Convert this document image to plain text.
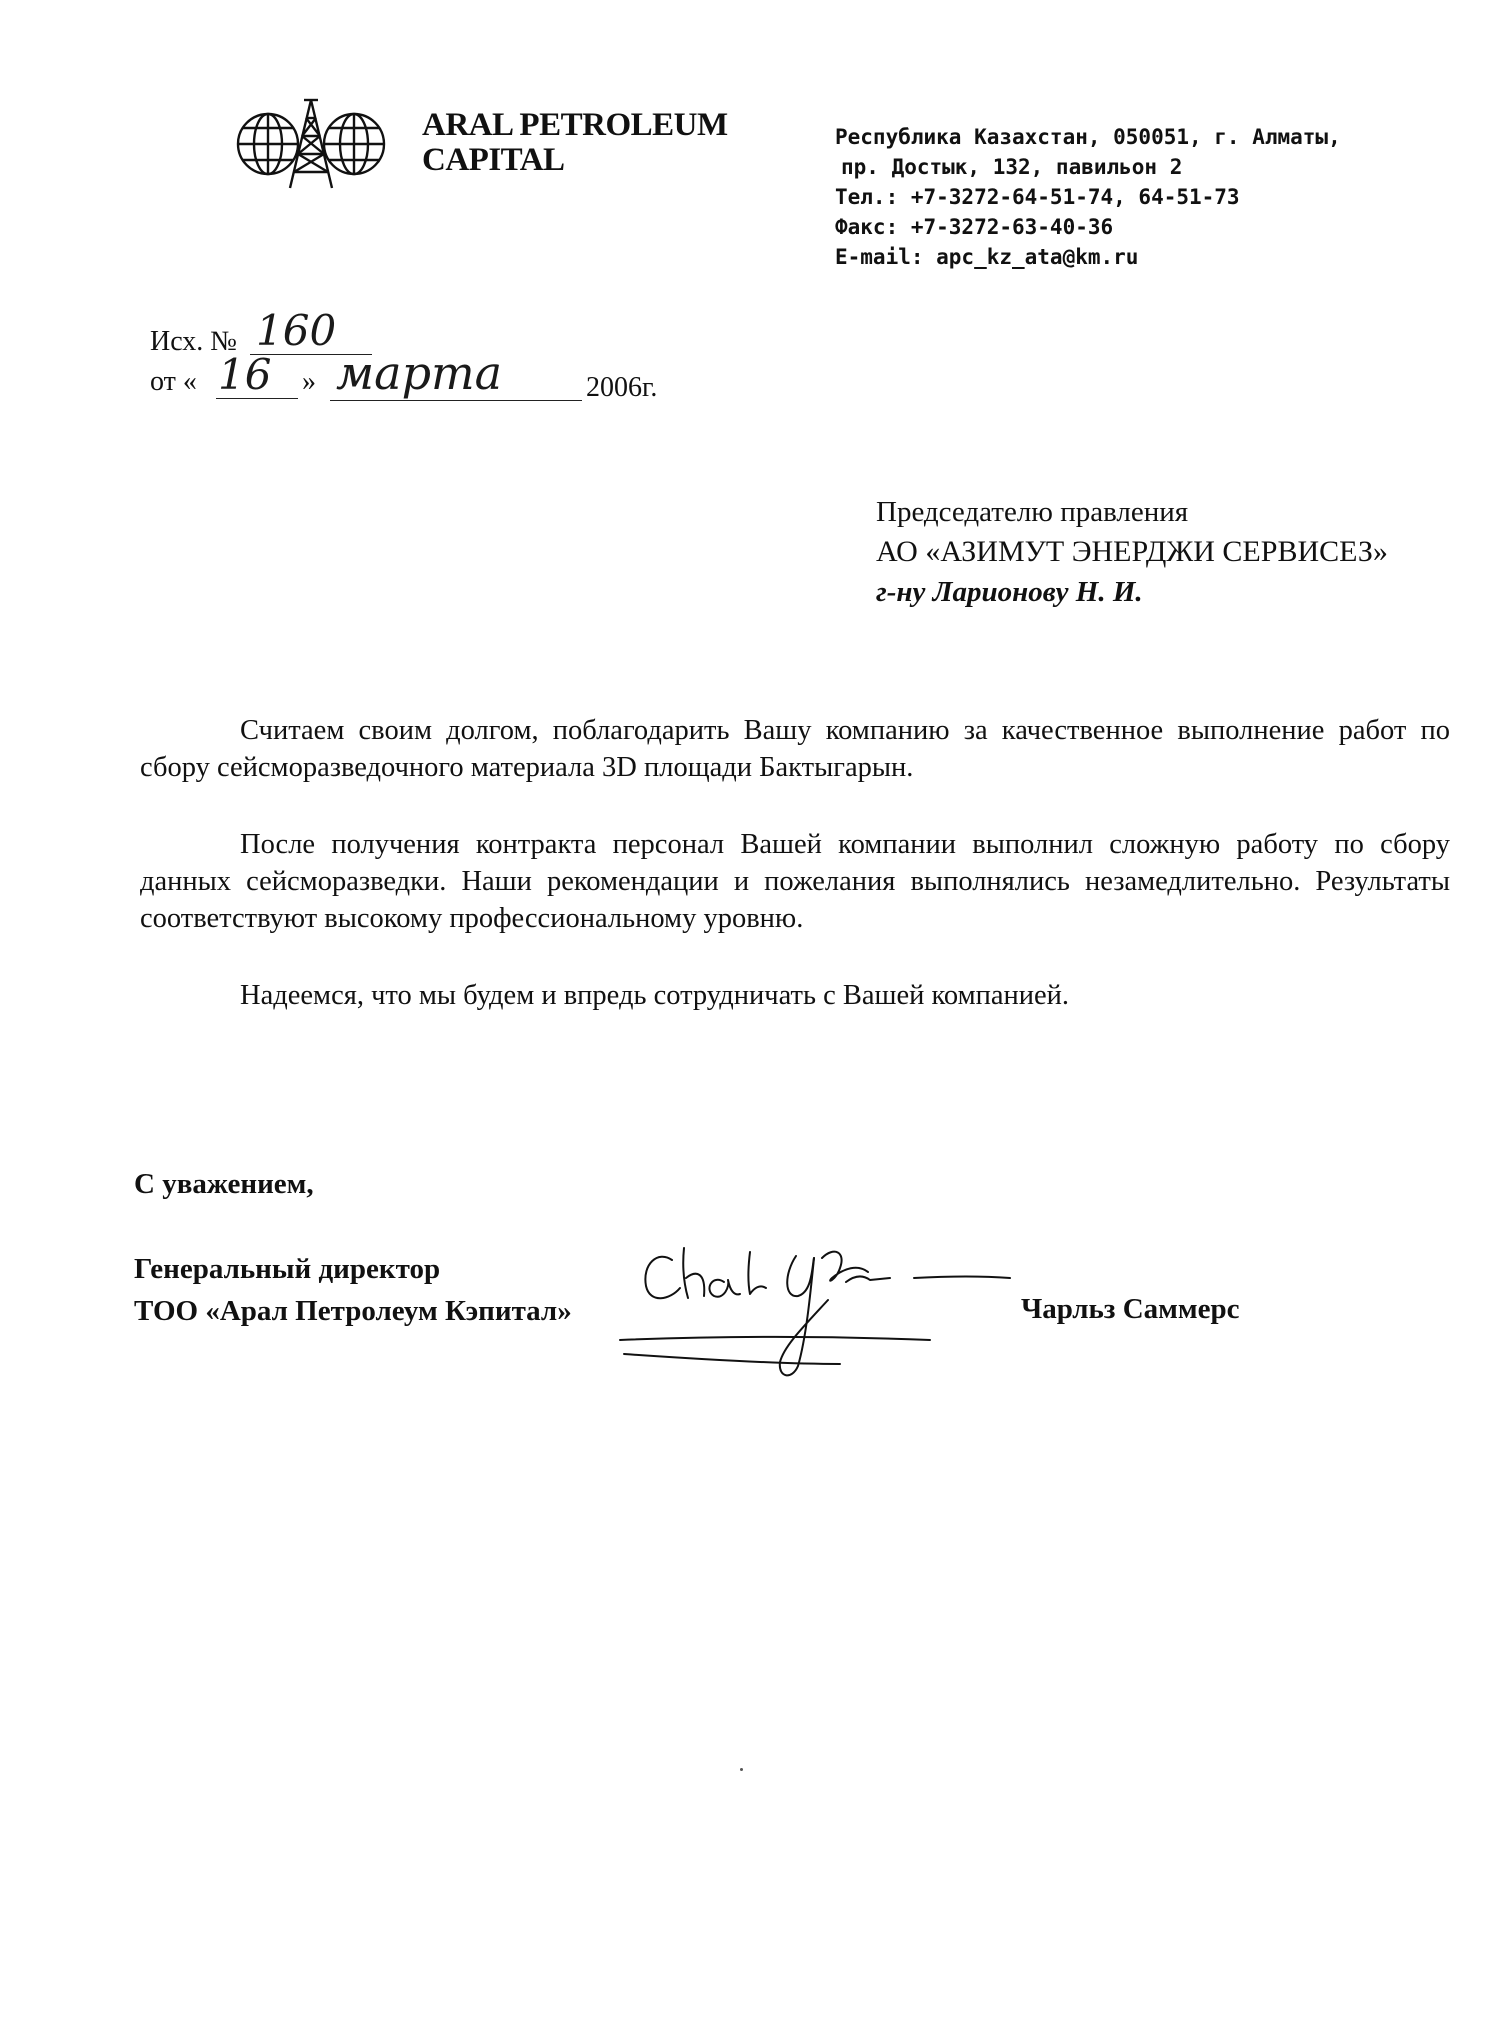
ARAL PETROLEUM
CAPITAL
Республика Казахстан, 050051, г. Алматы,
пр. Достык, 132, павильон 2
Тел.: +7-3272-64-51-74, 64-51-73
Факс: +7-3272-63-40-36
E-mail: apc_kz_ata@km.ru
Исх. № 160
от « 16 » марта	2006г.
Председателю правления
АО «АЗИМУТ ЭНЕРДЖИ СЕРВИСЕЗ»
г-ну Ларионову Н. И.

Считаем своим долгом, поблагодарить Вашу компанию за качественное выполнение работ по сбору сейсморазведочного материала 3D площади Бактыгарын.

После получения контракта персонал Вашей компании выполнил сложную работу по сбору данных сейсморазведки. Наши рекомендации и пожелания выполнялись незамедлительно. Результаты соответствуют высокому профессиональному уровню.

Надеемся, что мы будем и впредь сотрудничать с Вашей компанией.

С уважением,
Генеральный директор
ТОО «Арал Петролеум Кэпитал»	Чарльз Саммерс
